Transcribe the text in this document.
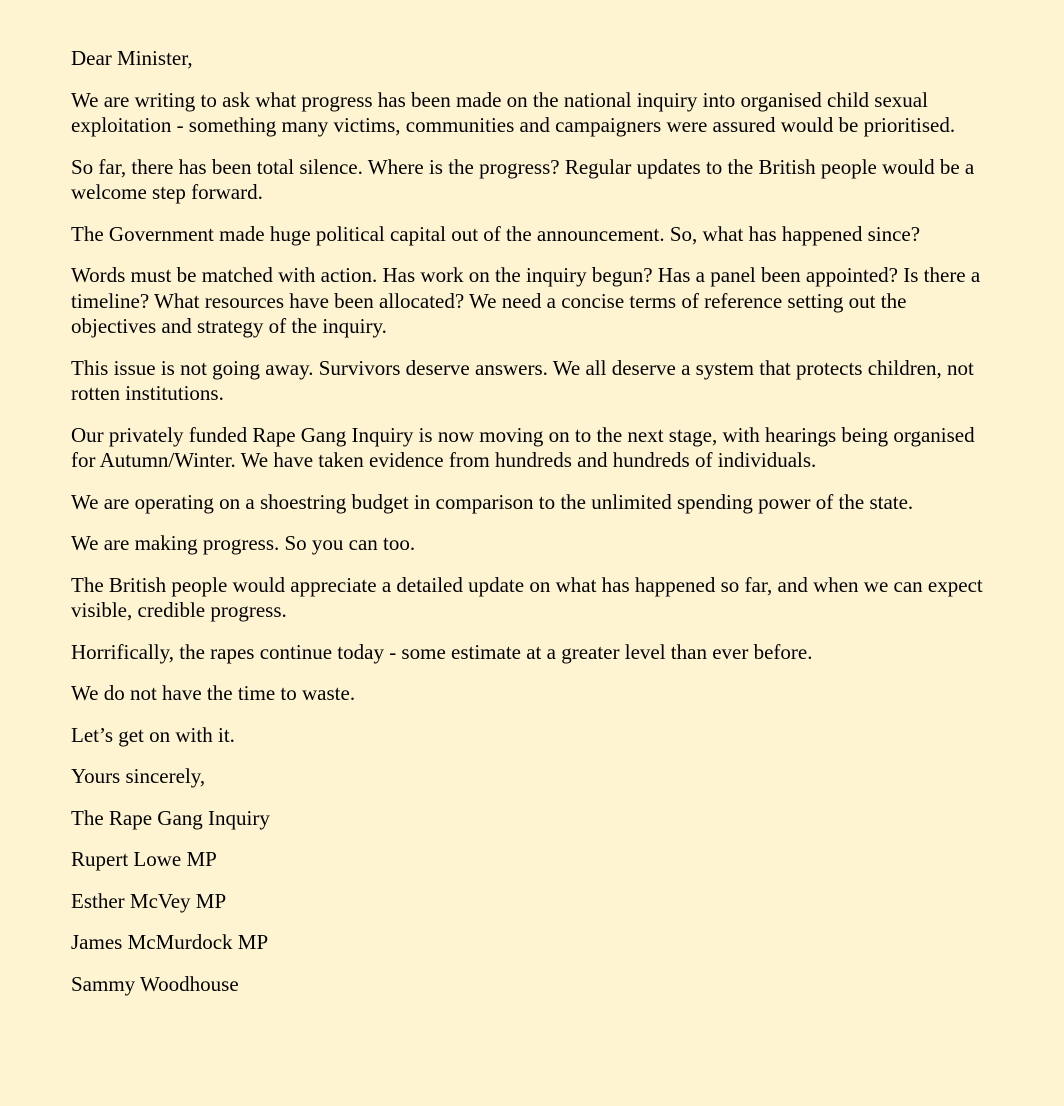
Dear Minister,

We are writing to ask what progress has been made on the national inquiry into organised child sexual exploitation - something many victims, communities and campaigners were assured would be prioritised.

So far, there has been total silence. Where is the progress? Regular updates to the British people would be a welcome step forward.

The Government made huge political capital out of the announcement. So, what has happened since?

Words must be matched with action. Has work on the inquiry begun? Has a panel been appointed? Is there a timeline? What resources have been allocated? We need a concise terms of reference setting out the objectives and strategy of the inquiry.

This issue is not going away. Survivors deserve answers. We all deserve a system that protects children, not rotten institutions.

Our privately funded Rape Gang Inquiry is now moving on to the next stage, with hearings being organised for Autumn/Winter. We have taken evidence from hundreds and hundreds of individuals.

We are operating on a shoestring budget in comparison to the unlimited spending power of the state.

We are making progress. So you can too.

The British people would appreciate a detailed update on what has happened so far, and when we can expect visible, credible progress.

Horrifically, the rapes continue today - some estimate at a greater level than ever before.

We do not have the time to waste.

Let’s get on with it.

Yours sincerely,

The Rape Gang Inquiry

Rupert Lowe MP

Esther McVey MP

James McMurdock MP

Sammy Woodhouse
